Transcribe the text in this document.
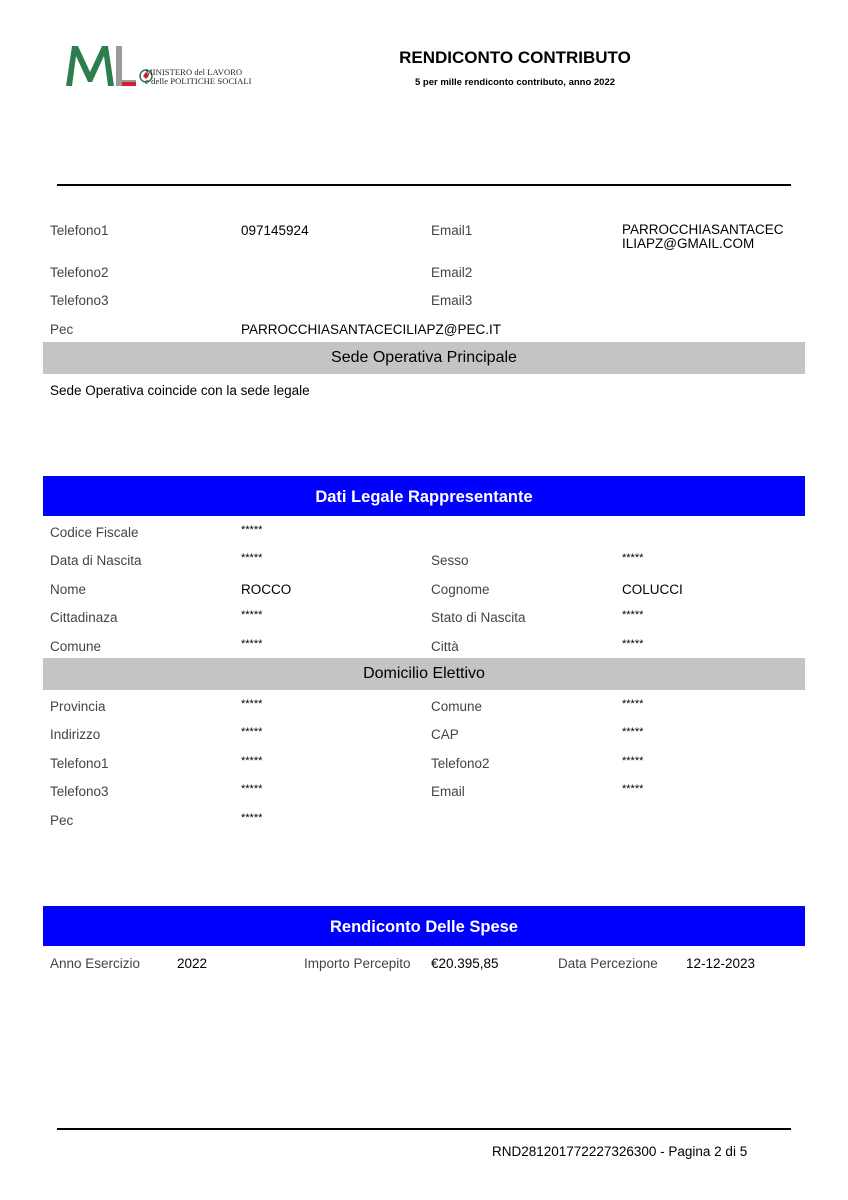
MINISTERO del LAVORO
e delle POLITICHE SOCIALI
RENDICONTO CONTRIBUTO
5 per mille rendiconto contributo, anno 2022
Telefono1	097145924	Email1	PARROCCHIASANTACEC
ILIAPZ@GMAIL.COM
Telefono2	Email2
Telefono3	Email3
Pec	PARROCCHIASANTACECILIAPZ@PEC.IT
Sede Operativa Principale
Sede Operativa coincide con la sede legale
Dati Legale Rappresentante
Codice Fiscale	*****
Data di Nascita	*****	Sesso	*****
Nome	ROCCO	Cognome	COLUCCI
Cittadinaza	*****	Stato di Nascita	*****
Comune	*****	Città	*****
Domicilio Elettivo
Provincia	*****	Comune	*****
Indirizzo	*****	CAP	*****
Telefono1	*****	Telefono2	*****
Telefono3	*****	Email	*****
Pec	*****
Rendiconto Delle Spese
Anno Esercizio	2022	Importo Percepito €20.395,85	Data Percezione 12-12-2023
RND281201772227326300 - Pagina 2 di 5
